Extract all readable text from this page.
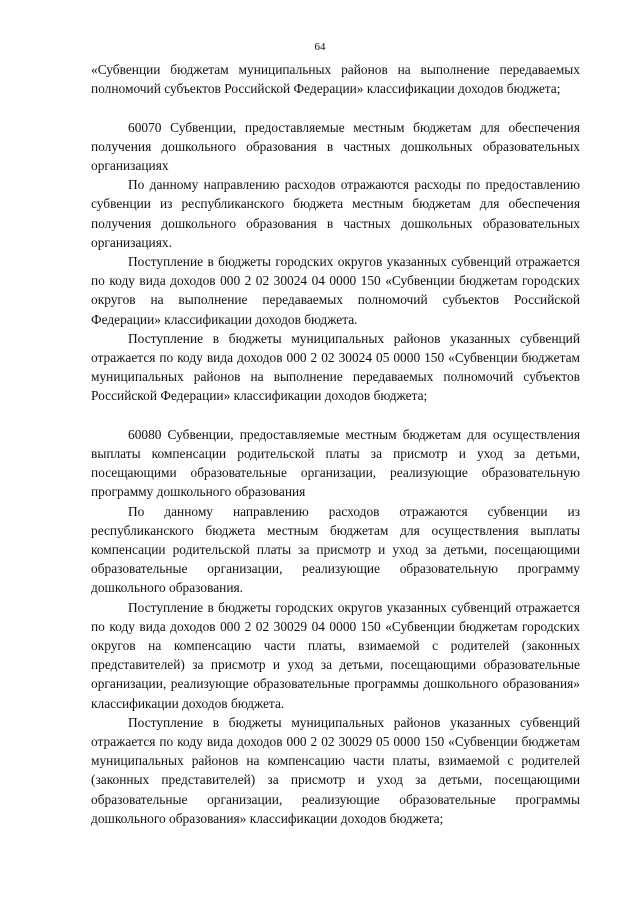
64

«Субвенции бюджетам муниципальных районов на выполнение передаваемых полномочий субъектов Российской Федерации» классификации доходов бюджета;

60070 Субвенции, предоставляемые местным бюджетам для обеспечения получения дошкольного образования в частных дошкольных образовательных организациях

По данному направлению расходов отражаются расходы по предоставлению субвенции из республиканского бюджета местным бюджетам для обеспечения получения дошкольного образования в частных дошкольных образовательных организациях.

Поступление в бюджеты городских округов указанных субвенций отражается по коду вида доходов 000 2 02 30024 04 0000 150 «Субвенции бюджетам городских округов на выполнение передаваемых полномочий субъектов Российской Федерации» классификации доходов бюджета.

Поступление в бюджеты муниципальных районов указанных субвенций отражается по коду вида доходов 000 2 02 30024 05 0000 150 «Субвенции бюджетам муниципальных районов на выполнение передаваемых полномочий субъектов Российской Федерации» классификации доходов бюджета;

60080 Субвенции, предоставляемые местным бюджетам для осуществления выплаты компенсации родительской платы за присмотр и уход за детьми, посещающими образовательные организации, реализующие образовательную программу дошкольного образования

По данному направлению расходов отражаются субвенции из республиканского бюджета местным бюджетам для осуществления выплаты компенсации родительской платы за присмотр и уход за детьми, посещающими образовательные организации, реализующие образовательную программу дошкольного образования.

Поступление в бюджеты городских округов указанных субвенций отражается по коду вида доходов 000 2 02 30029 04 0000 150 «Субвенции бюджетам городских округов на компенсацию части платы, взимаемой с родителей (законных представителей) за присмотр и уход за детьми, посещающими образовательные организации, реализующие образовательные программы дошкольного образования» классификации доходов бюджета.

Поступление в бюджеты муниципальных районов указанных субвенций отражается по коду вида доходов 000 2 02 30029 05 0000 150 «Субвенции бюджетам муниципальных районов на компенсацию части платы, взимаемой с родителей (законных представителей) за присмотр и уход за детьми, посещающими образовательные организации, реализующие образовательные программы дошкольного образования» классификации доходов бюджета;
